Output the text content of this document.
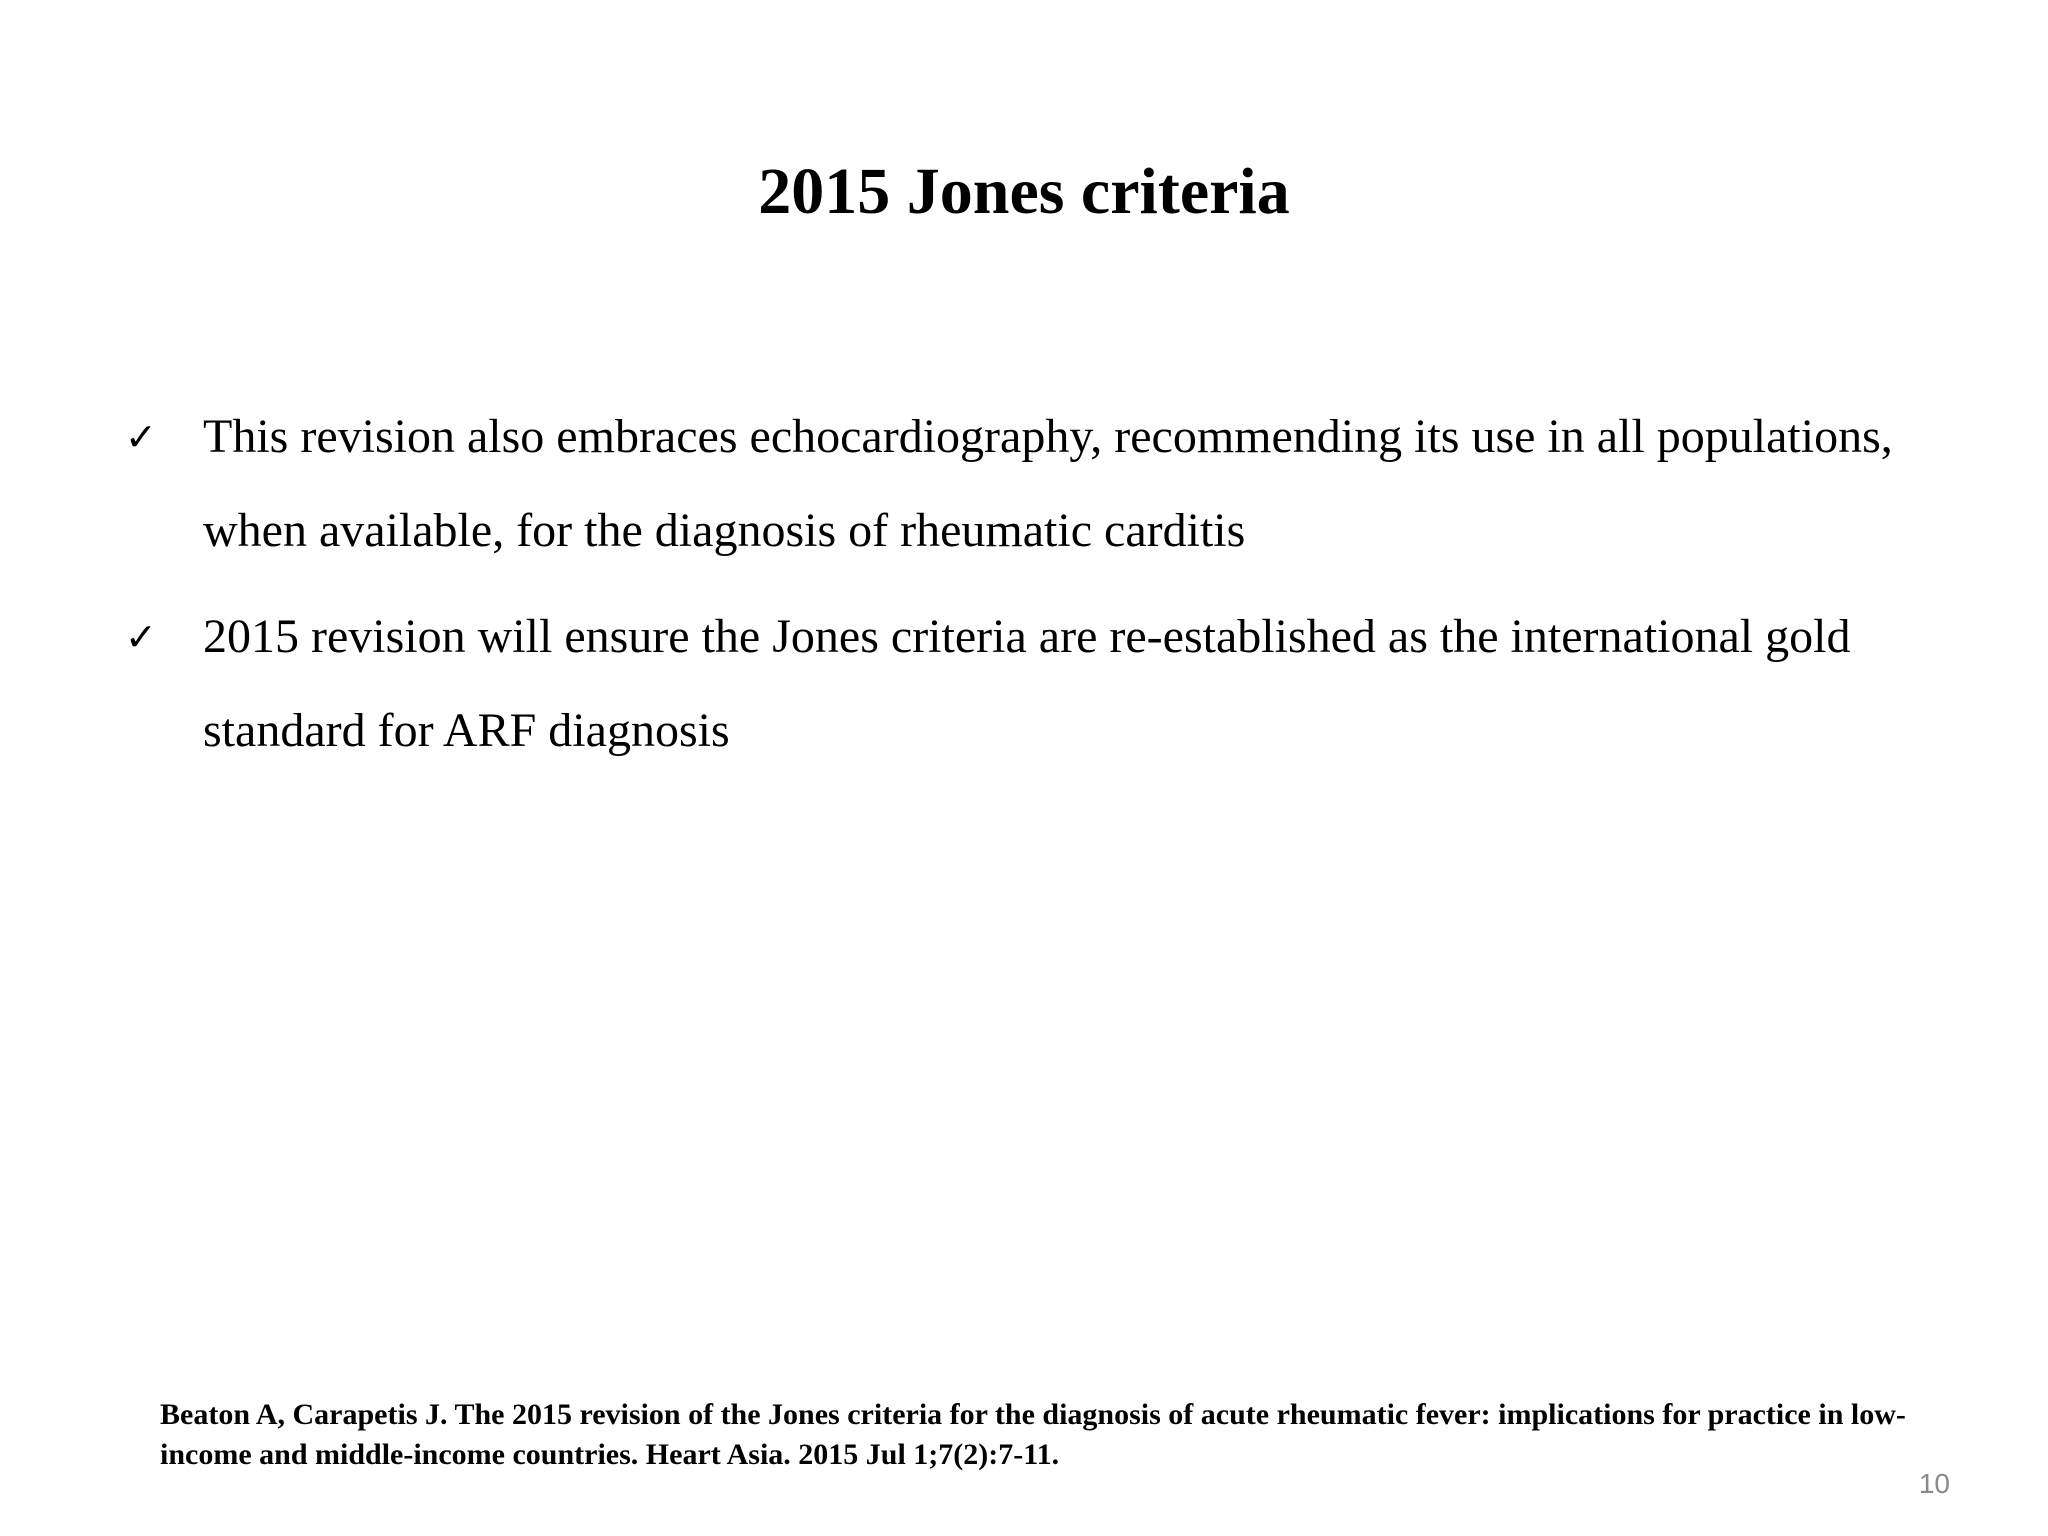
2015 Jones criteria
✓ This revision also embraces echocardiography, recommending its use in all populations, when available, for the diagnosis of rheumatic carditis
✓ 2015 revision will ensure the Jones criteria are re-established as the international gold standard for ARF diagnosis
Beaton A, Carapetis J. The 2015 revision of the Jones criteria for the diagnosis of acute rheumatic fever: implications for practice in low-income and middle-income countries. Heart Asia. 2015 Jul 1;7(2):7-11.
10
